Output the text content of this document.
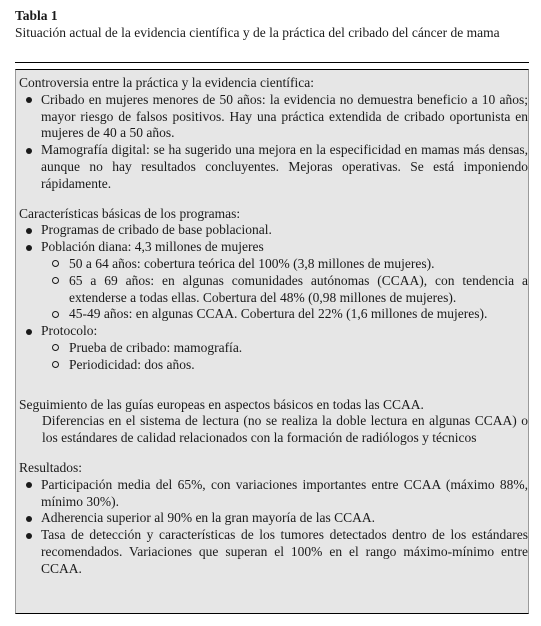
Tabla 1
Situación actual de la evidencia científica y de la práctica del cribado del cáncer de mama
Controversia entre la práctica y la evidencia científica:
Cribado en mujeres menores de 50 años: la evidencia no demuestra beneficio a 10 años; mayor riesgo de falsos positivos. Hay una práctica extendida de cribado oportunista en mujeres de 40 a 50 años.
Mamografía digital: se ha sugerido una mejora en la especificidad en mamas más densas, aunque no hay resultados concluyentes. Mejoras operativas. Se está imponiendo rápidamente.
Características básicas de los programas:
Programas de cribado de base poblacional.
Población diana: 4,3 millones de mujeres
50 a 64 años: cobertura teórica del 100% (3,8 millones de mujeres).
65 a 69 años: en algunas comunidades autónomas (CCAA), con tendencia a extenderse a todas ellas. Cobertura del 48% (0,98 millones de mujeres).
45-49 años: en algunas CCAA. Cobertura del 22% (1,6 millones de mujeres).
Protocolo:
Prueba de cribado: mamografía.
Periodicidad: dos años.
Seguimiento de las guías europeas en aspectos básicos en todas las CCAA.
Diferencias en el sistema de lectura (no se realiza la doble lectura en algunas CCAA) o los estándares de calidad relacionados con la formación de radiólogos y técnicos
Resultados:
Participación media del 65%, con variaciones importantes entre CCAA (máximo 88%, mínimo 30%).
Adherencia superior al 90% en la gran mayoría de las CCAA.
Tasa de detección y características de los tumores detectados dentro de los estándares recomendados. Variaciones que superan el 100% en el rango máximo-mínimo entre CCAA.
